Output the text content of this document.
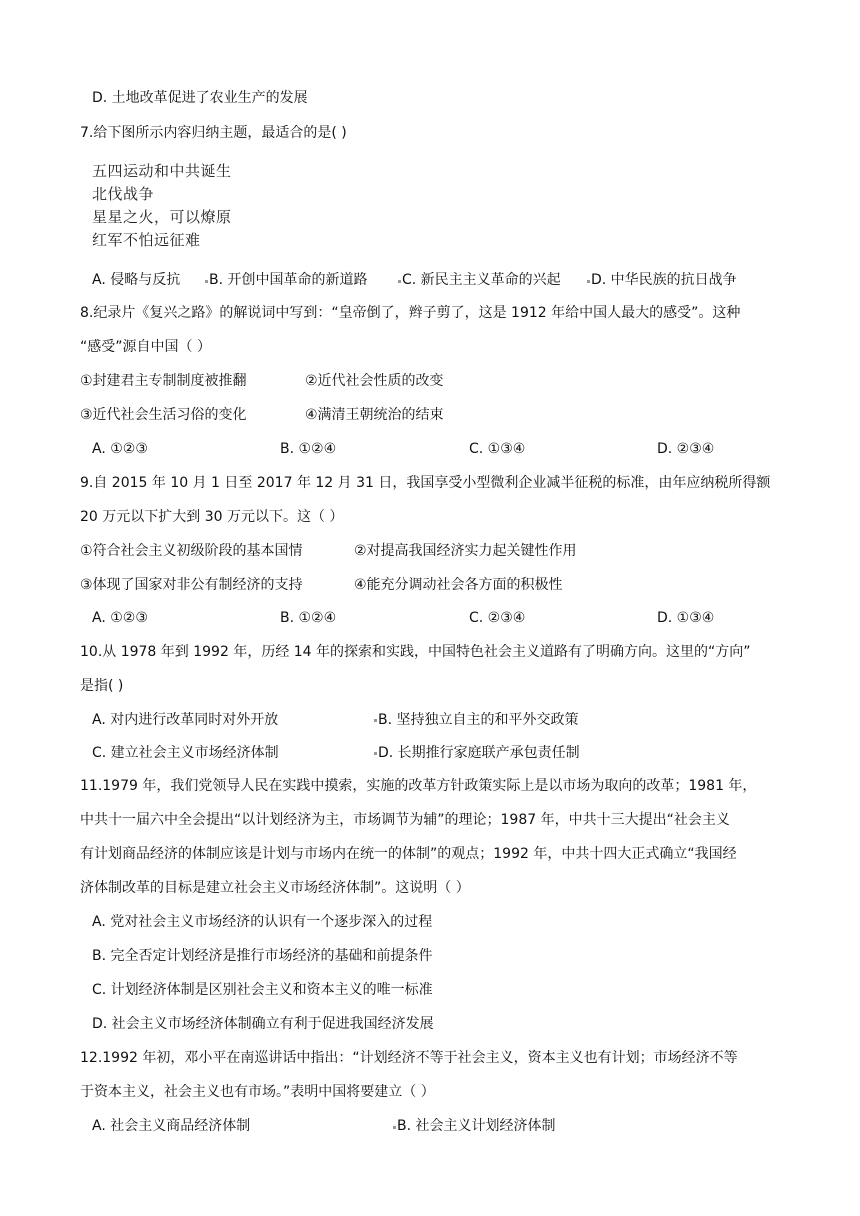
D. 土地改革促进了农业生产的发展
7.给下图所示内容归纳主题，最适合的是( )
五四运动和中共诞生
北伐战争
星星之火，可以燎原
红军不怕远征难
A. 侵略与反抗 B. 开创中国革命的新道路 C. 新民主主义革命的兴起 D. 中华民族的抗日战争
8.纪录片《复兴之路》的解说词中写到：“皇帝倒了，辫子剪了，这是 1912 年给中国人最大的感受”。这种
“感受”源自中国（ ）
①封建君主专制制度被推翻	②近代社会性质的改变
③近代社会生活习俗的变化	④满清王朝统治的结束
A. ①②③	B. ①②④	C. ①③④	D. ②③④
9.自 2015 年 10 月 1 日至 2017 年 12 月 31 日，我国享受小型微利企业减半征税的标准，由年应纳税所得额
20 万元以下扩大到 30 万元以下。这（ ）
①符合社会主义初级阶段的基本国情	②对提高我国经济实力起关键性作用
③体现了国家对非公有制经济的支持	④能充分调动社会各方面的积极性
A. ①②③	B. ①②④	C. ②③④	D. ①③④
10.从 1978 年到 1992 年，历经 14 年的探索和实践，中国特色社会主义道路有了明确方向。这里的“方向”
是指( )
A. 对内进行改革同时对外开放	B. 坚持独立自主的和平外交政策
C. 建立社会主义市场经济体制	D. 长期推行家庭联产承包责任制
11.1979 年，我们党领导人民在实践中摸索，实施的改革方针政策实际上是以市场为取向的改革；1981 年，
中共十一届六中全会提出“以计划经济为主，市场调节为辅”的理论；1987 年，中共十三大提出“社会主义
有计划商品经济的体制应该是计划与市场内在统一的体制”的观点；1992 年，中共十四大正式确立“我国经
济体制改革的目标是建立社会主义市场经济体制”。这说明（ ）
A. 党对社会主义市场经济的认识有一个逐步深入的过程
B. 完全否定计划经济是推行市场经济的基础和前提条件
C. 计划经济体制是区别社会主义和资本主义的唯一标准
D. 社会主义市场经济体制确立有利于促进我国经济发展
12.1992 年初，邓小平在南巡讲话中指出：“计划经济不等于社会主义，资本主义也有计划；市场经济不等
于资本主义，社会主义也有市场。”表明中国将要建立（ ）
A. 社会主义商品经济体制	B. 社会主义计划经济体制
